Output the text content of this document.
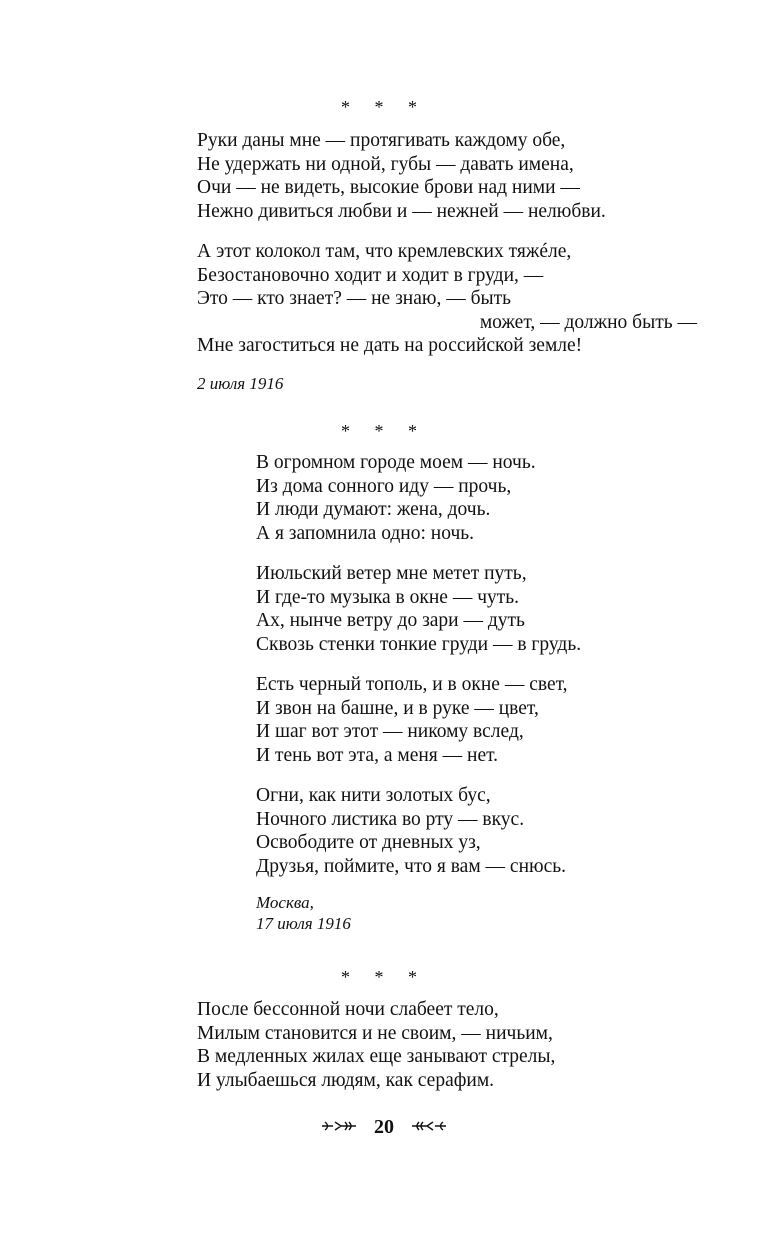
* * *
Руки даны мне — протягивать каждому обе,
Не удержать ни одной, губы — давать имена,
Очи — не видеть, высокие брови над ними —
Нежно дивиться любви и — нежней — нелюбви.
А этот колокол там, что кремлевских тяжéле,
Безостановочно ходит и ходит в груди, —
Это — кто знает? — не знаю, — быть
может, — должно быть —
Мне загоститься не дать на российской земле!
2 июля 1916
* * *
В огромном городе моем — ночь.
Из дома сонного иду — прочь,
И люди думают: жена, дочь.
А я запомнила одно: ночь.
Июльский ветер мне метет путь,
И где-то музыка в окне — чуть.
Ах, нынче ветру до зари — дуть
Сквозь стенки тонкие груди — в грудь.
Есть черный тополь, и в окне — свет,
И звон на башне, и в руке — цвет,
И шаг вот этот — никому вслед,
И тень вот эта, а меня — нет.
Огни, как нити золотых бус,
Ночного листика во рту — вкус.
Освободите от дневных уз,
Друзья, поймите, что я вам — снюсь.
Москва,
17 июля 1916
* * *
После бессонной ночи слабеет тело,
Милым становится и не своим, — ничьим,
В медленных жилах еще занывают стрелы,
И улыбаешься людям, как серафим.
20
